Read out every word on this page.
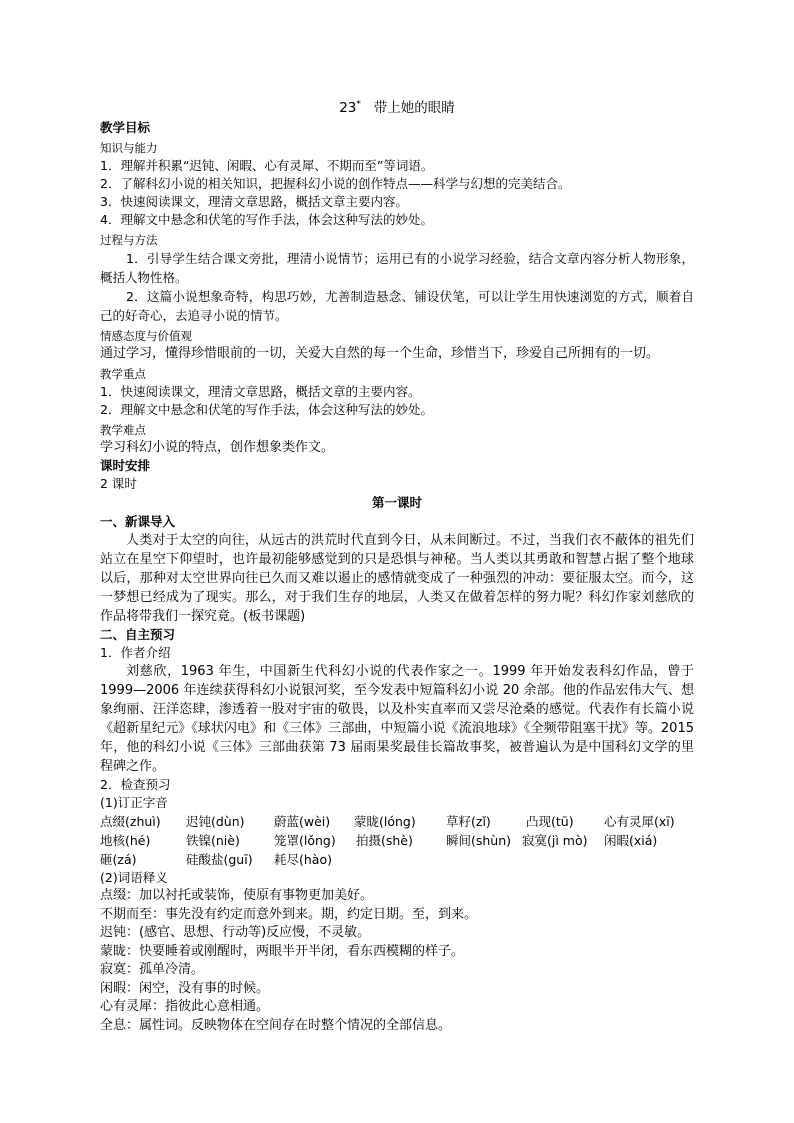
23* 带上她的眼睛
教学目标
知识与能力
1．理解并积累“迟钝、闲暇、心有灵犀、不期而至”等词语。
2．了解科幻小说的相关知识，把握科幻小说的创作特点——科学与幻想的完美结合。
3．快速阅读课文，理清文章思路，概括文章主要内容。
4．理解文中悬念和伏笔的写作手法，体会这种写法的妙处。
过程与方法
1．引导学生结合课文旁批，理清小说情节；运用已有的小说学习经验，结合文章内容分析人物形象，概括人物性格。
2．这篇小说想象奇特，构思巧妙，尤善制造悬念、铺设伏笔，可以让学生用快速浏览的方式，顺着自己的好奇心，去追寻小说的情节。
情感态度与价值观
通过学习，懂得珍惜眼前的一切，关爱大自然的每一个生命，珍惜当下，珍爱自己所拥有的一切。
教学重点
1．快速阅读课文，理清文章思路，概括文章的主要内容。
2．理解文中悬念和伏笔的写作手法，体会这种写法的妙处。
教学难点
学习科幻小说的特点，创作想象类作文。
课时安排
2 课时
第一课时
一、新课导入
人类对于太空的向往，从远古的洪荒时代直到今日，从未间断过。不过，当我们衣不蔽体的祖先们站立在星空下仰望时，也许最初能够感觉到的只是恐惧与神秘。当人类以其勇敢和智慧占据了整个地球以后，那种对太空世界向往已久而又难以遏止的感情就变成了一种强烈的冲动：要征服太空。而今，这一梦想已经成为了现实。那么，对于我们生存的地层，人类又在做着怎样的努力呢？科幻作家刘慈欣的作品将带我们一探究竟。(板书课题)
二、自主预习
1．作者介绍
刘慈欣，1963 年生，中国新生代科幻小说的代表作家之一。1999 年开始发表科幻作品，曾于 1999—2006 年连续获得科幻小说银河奖，至今发表中短篇科幻小说 20 余部。他的作品宏伟大气、想象绚丽、汪洋恣肆，渗透着一股对宇宙的敬畏，以及朴实直率而又尝尽沧桑的感觉。代表作有长篇小说《超新星纪元》《球状闪电》和《三体》三部曲，中短篇小说《流浪地球》《全频带阻塞干扰》等。2015 年，他的科幻小说《三体》三部曲获第 73 届雨果奖最佳长篇故事奖，被普遍认为是中国科幻文学的里程碑之作。
2．检查预习
(1)订正字音
点缀(zhuì) 迟钝(dùn) 蔚蓝(wèi) 蒙眬(lóng) 草籽(zǐ)	凸现(tū) 心有灵犀(xī)
地核(hé)	铁镍(niè)	笼罩(lǒng) 拍摄(shè)	瞬间(shùn) 寂寞(jì mò) 闲暇(xiá)
砸(zá)	硅酸盐(guī) 耗尽(hào)
(2)词语释义
点缀：加以衬托或装饰，使原有事物更加美好。
不期而至：事先没有约定而意外到来。期，约定日期。至，到来。
迟钝：(感官、思想、行动等)反应慢，不灵敏。
蒙眬：快要睡着或刚醒时，两眼半开半闭，看东西模糊的样子。
寂寞：孤单冷清。
闲暇：闲空，没有事的时候。
心有灵犀：指彼此心意相通。
全息：属性词。反映物体在空间存在时整个情况的全部信息。
